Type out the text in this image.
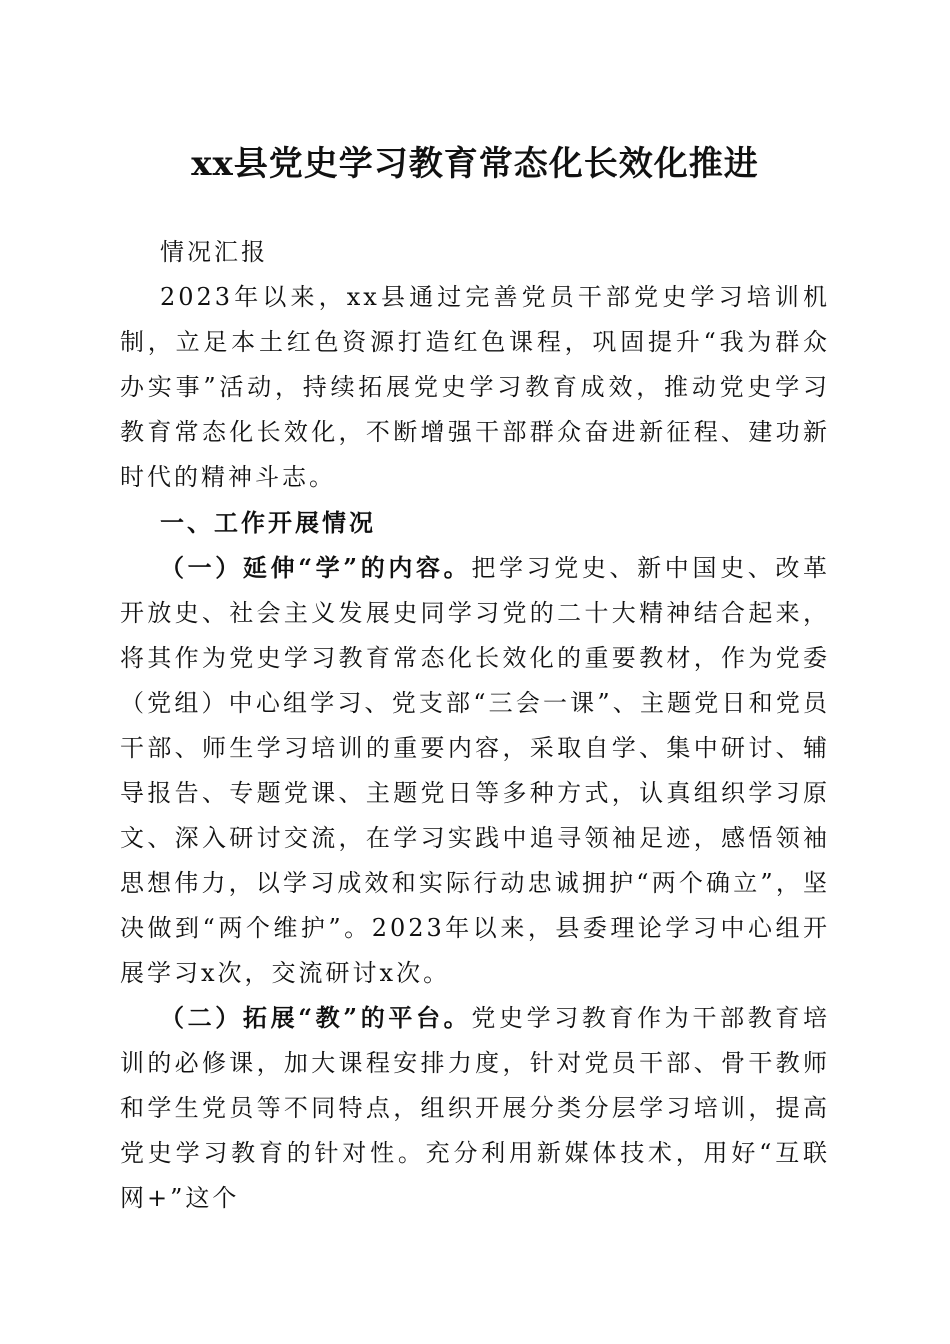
xx县党史学习教育常态化长效化推进
情况汇报
2023年以来，xx县通过完善党员干部党史学习培训机制，立足本土红色资源打造红色课程，巩固提升“我为群众办实事”活动，持续拓展党史学习教育成效，推动党史学习教育常态化长效化，不断增强干部群众奋进新征程、建功新时代的精神斗志。
一、工作开展情况
（一）延伸“学”的内容。把学习党史、新中国史、改革开放史、社会主义发展史同学习党的二十大精神结合起来，将其作为党史学习教育常态化长效化的重要教材，作为党委（党组）中心组学习、党支部“三会一课”、主题党日和党员干部、师生学习培训的重要内容，采取自学、集中研讨、辅导报告、专题党课、主题党日等多种方式，认真组织学习原文、深入研讨交流，在学习实践中追寻领袖足迹，感悟领袖思想伟力，以学习成效和实际行动忠诚拥护“两个确立”，坚决做到“两个维护”。2023年以来，县委理论学习中心组开展学习x次，交流研讨x次。
（二）拓展“教”的平台。党史学习教育作为干部教育培训的必修课，加大课程安排力度，针对党员干部、骨干教师和学生党员等不同特点，组织开展分类分层学习培训，提高党史学习教育的针对性。充分利用新媒体技术，用好“互联网+”这个
